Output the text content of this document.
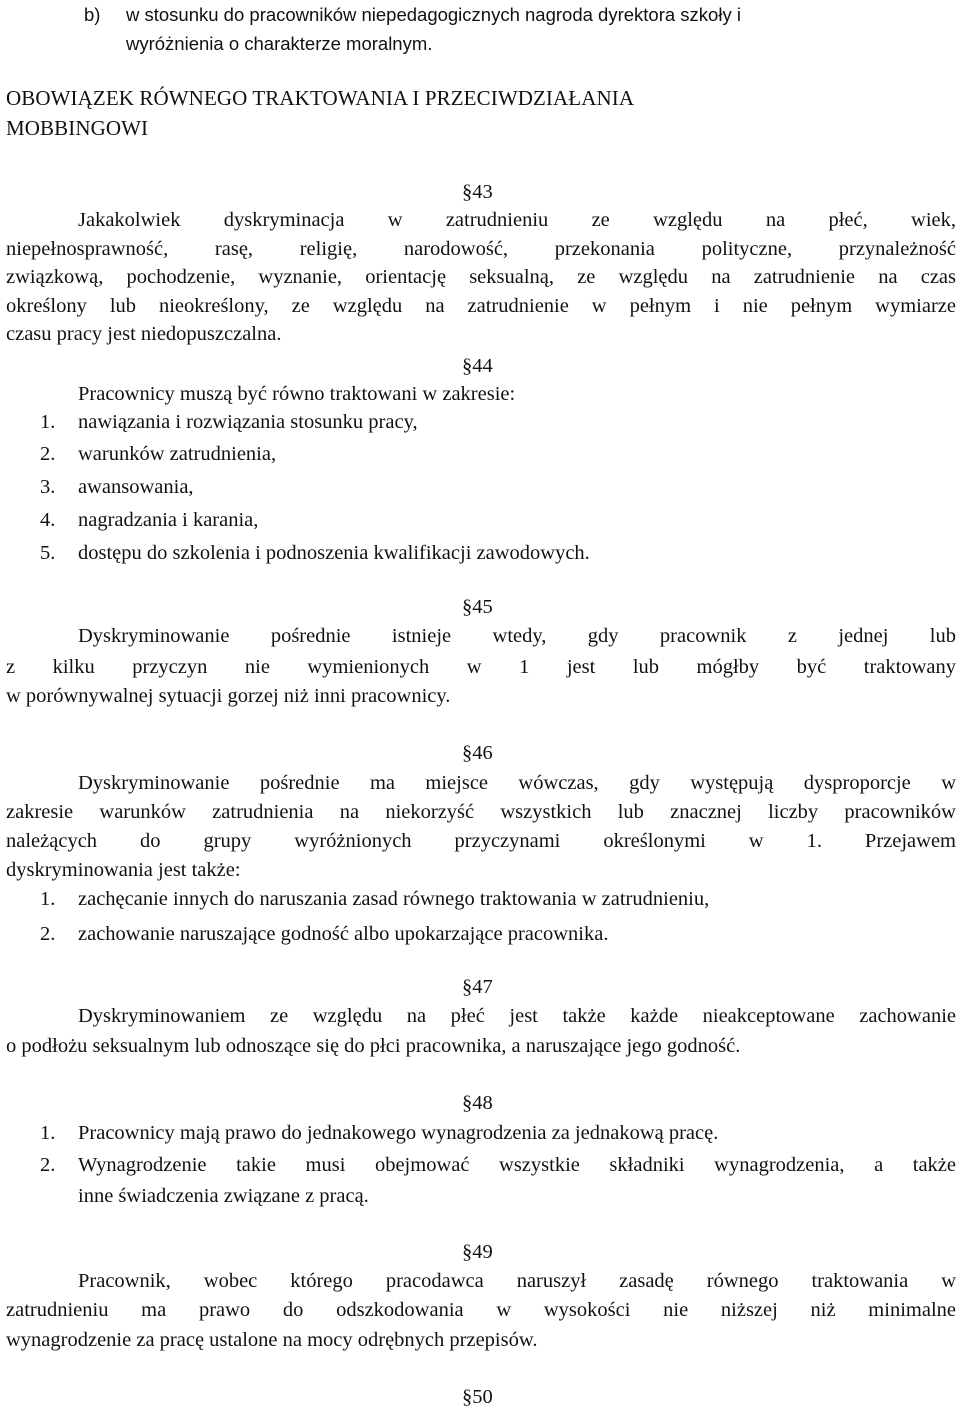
b) w stosunku do pracowników niepedagogicznych nagroda dyrektora szkoły i
wyróżnienia o charakterze moralnym.
OBOWIĄZEK RÓWNEGO TRAKTOWANIA I PRZECIWDZIAŁANIA
MOBBINGOWI
§43
Jakakolwiek dyskryminacja w zatrudnieniu ze względu na płeć, wiek,
niepełnosprawność, rasę, religię, narodowość, przekonania polityczne, przynależność
związkową, pochodzenie, wyznanie, orientację seksualną, ze względu na zatrudnienie na czas
określony lub nieokreślony, ze względu na zatrudnienie w pełnym i nie pełnym wymiarze
czasu pracy jest niedopuszczalna.
§44
Pracownicy muszą być równo traktowani w zakresie:
1.	nawiązania i rozwiązania stosunku pracy,
2.	warunków zatrudnienia,
3.	awansowania,
4.	nagradzania i karania,
5.	dostępu do szkolenia i podnoszenia kwalifikacji zawodowych.
§45
Dyskryminowanie pośrednie istnieje wtedy, gdy pracownik z jednej lub
z kilku przyczyn nie wymienionych w 1 jest lub mógłby być traktowany
w porównywalnej sytuacji gorzej niż inni pracownicy.
§46
Dyskryminowanie pośrednie ma miejsce wówczas, gdy występują dysproporcje w
zakresie warunków zatrudnienia na niekorzyść wszystkich lub znacznej liczby pracowników
należących do grupy wyróżnionych przyczynami określonymi w 1. Przejawem
dyskryminowania jest także:
1.	zachęcanie innych do naruszania zasad równego traktowania w zatrudnieniu,
2.	zachowanie naruszające godność albo upokarzające pracownika.
§47
Dyskryminowaniem ze względu na płeć jest także każde nieakceptowane zachowanie
o podłożu seksualnym lub odnoszące się do płci pracownika, a naruszające jego godność.
§48
1.	Pracownicy mają prawo do jednakowego wynagrodzenia za jednakową pracę.
2.	Wynagrodzenie takie musi obejmować wszystkie składniki wynagrodzenia, a także
inne świadczenia związane z pracą.
§49
Pracownik, wobec którego pracodawca naruszył zasadę równego traktowania w
zatrudnieniu ma prawo do odszkodowania w wysokości nie niższej niż minimalne
wynagrodzenie za pracę ustalone na mocy odrębnych przepisów.
§50
